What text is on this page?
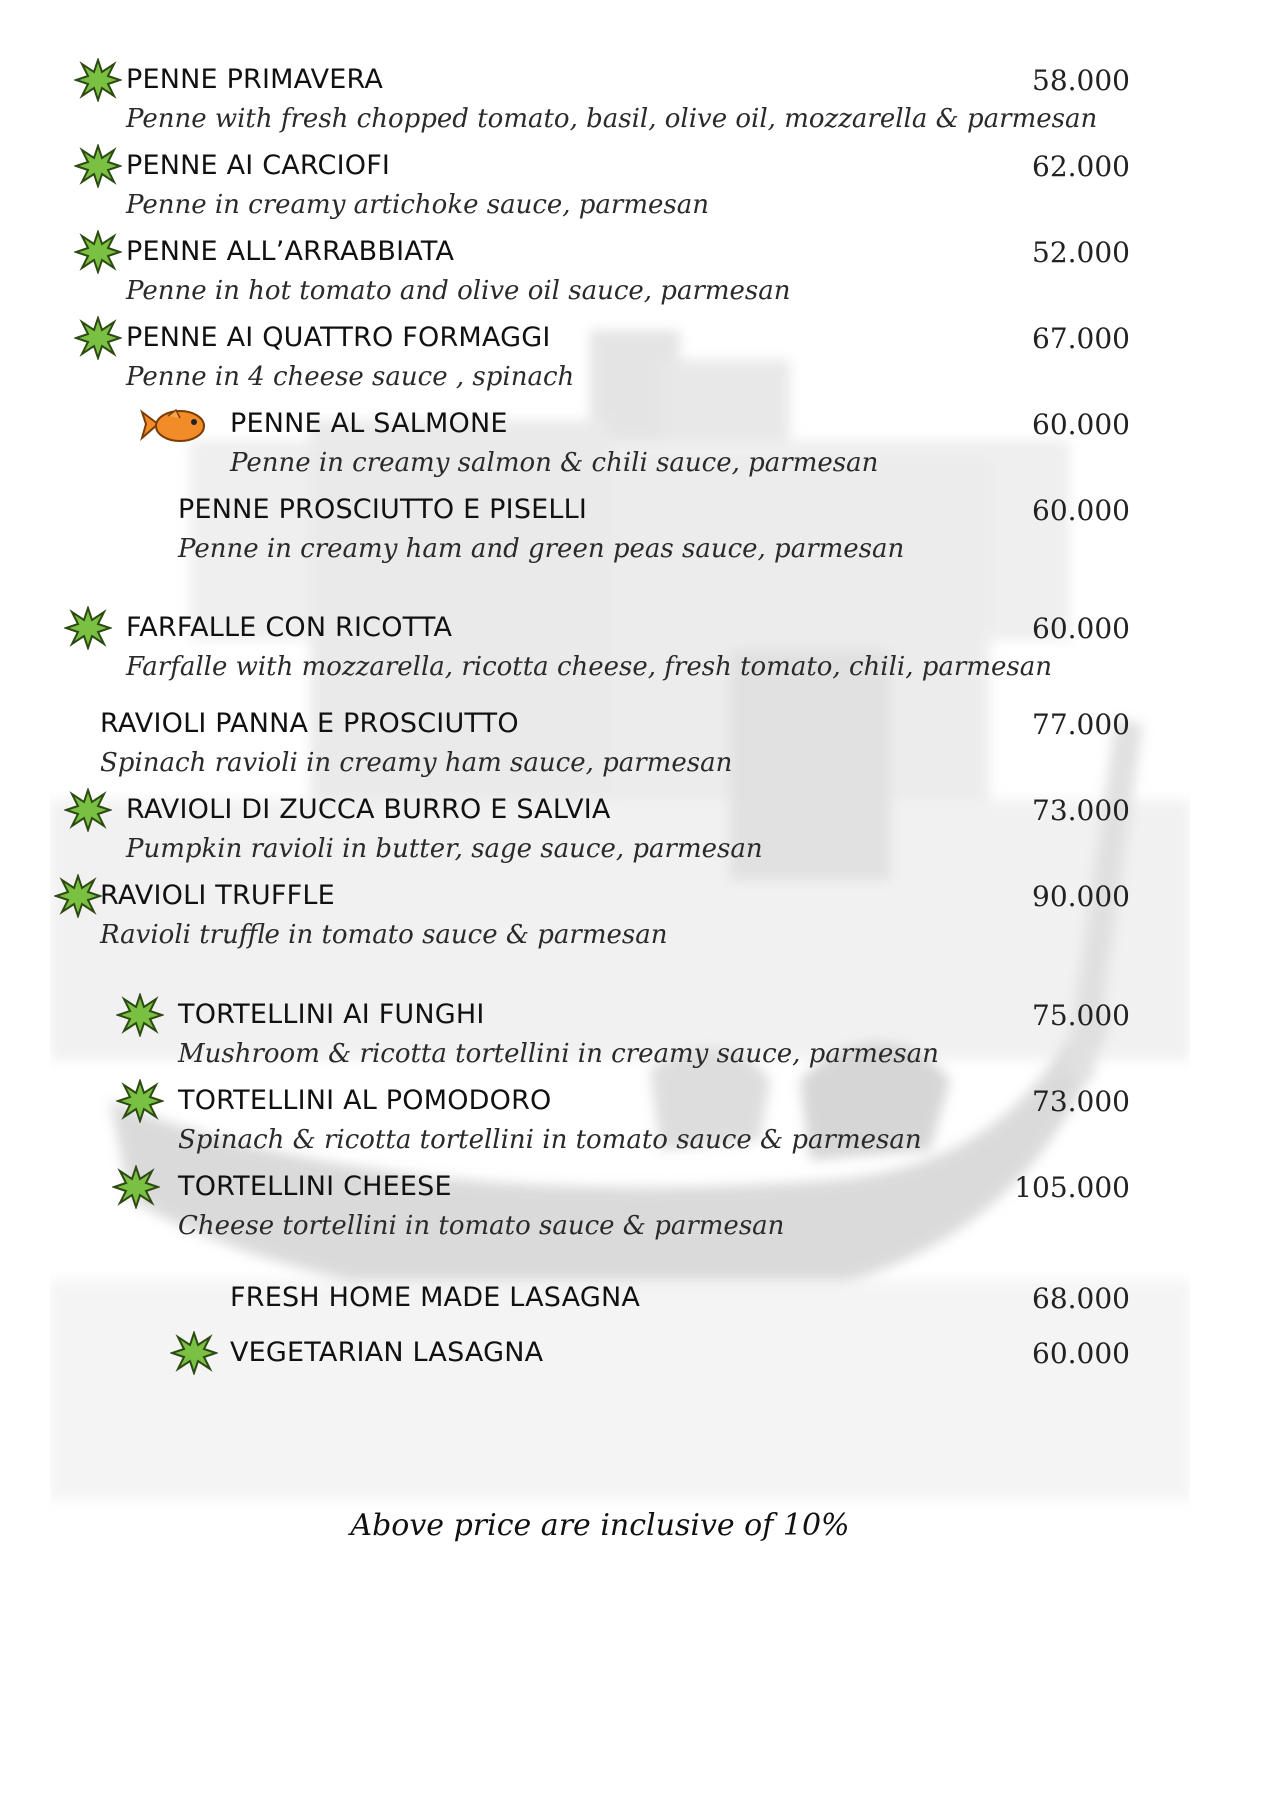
PENNE PRIMAVERA	58.000
Penne with fresh chopped tomato, basil, olive oil, mozzarella & parmesan
PENNE AI CARCIOFI	62.000
Penne in creamy artichoke sauce, parmesan
PENNE ALL’ARRABBIATA	52.000
Penne in hot tomato and olive oil sauce, parmesan
PENNE AI QUATTRO FORMAGGI	67.000
Penne in 4 cheese sauce , spinach
PENNE AL SALMONE	60.000
Penne in creamy salmon & chili sauce, parmesan
PENNE PROSCIUTTO E PISELLI	60.000
Penne in creamy ham and green peas sauce, parmesan
FARFALLE CON RICOTTA	60.000
Farfalle with mozzarella, ricotta cheese, fresh tomato, chili, parmesan
RAVIOLI PANNA E PROSCIUTTO	77.000
Spinach ravioli in creamy ham sauce, parmesan
RAVIOLI DI ZUCCA BURRO E SALVIA	73.000
Pumpkin ravioli in butter, sage sauce, parmesan
RAVIOLI TRUFFLE	90.000
Ravioli truffle in tomato sauce & parmesan
TORTELLINI AI FUNGHI	75.000
Mushroom & ricotta tortellini in creamy sauce, parmesan
TORTELLINI AL POMODORO	73.000
Spinach & ricotta tortellini in tomato sauce & parmesan
TORTELLINI CHEESE	105.000
Cheese tortellini in tomato sauce & parmesan
FRESH HOME MADE LASAGNA	68.000
VEGETARIAN LASAGNA	60.000
Above price are inclusive of 10%
